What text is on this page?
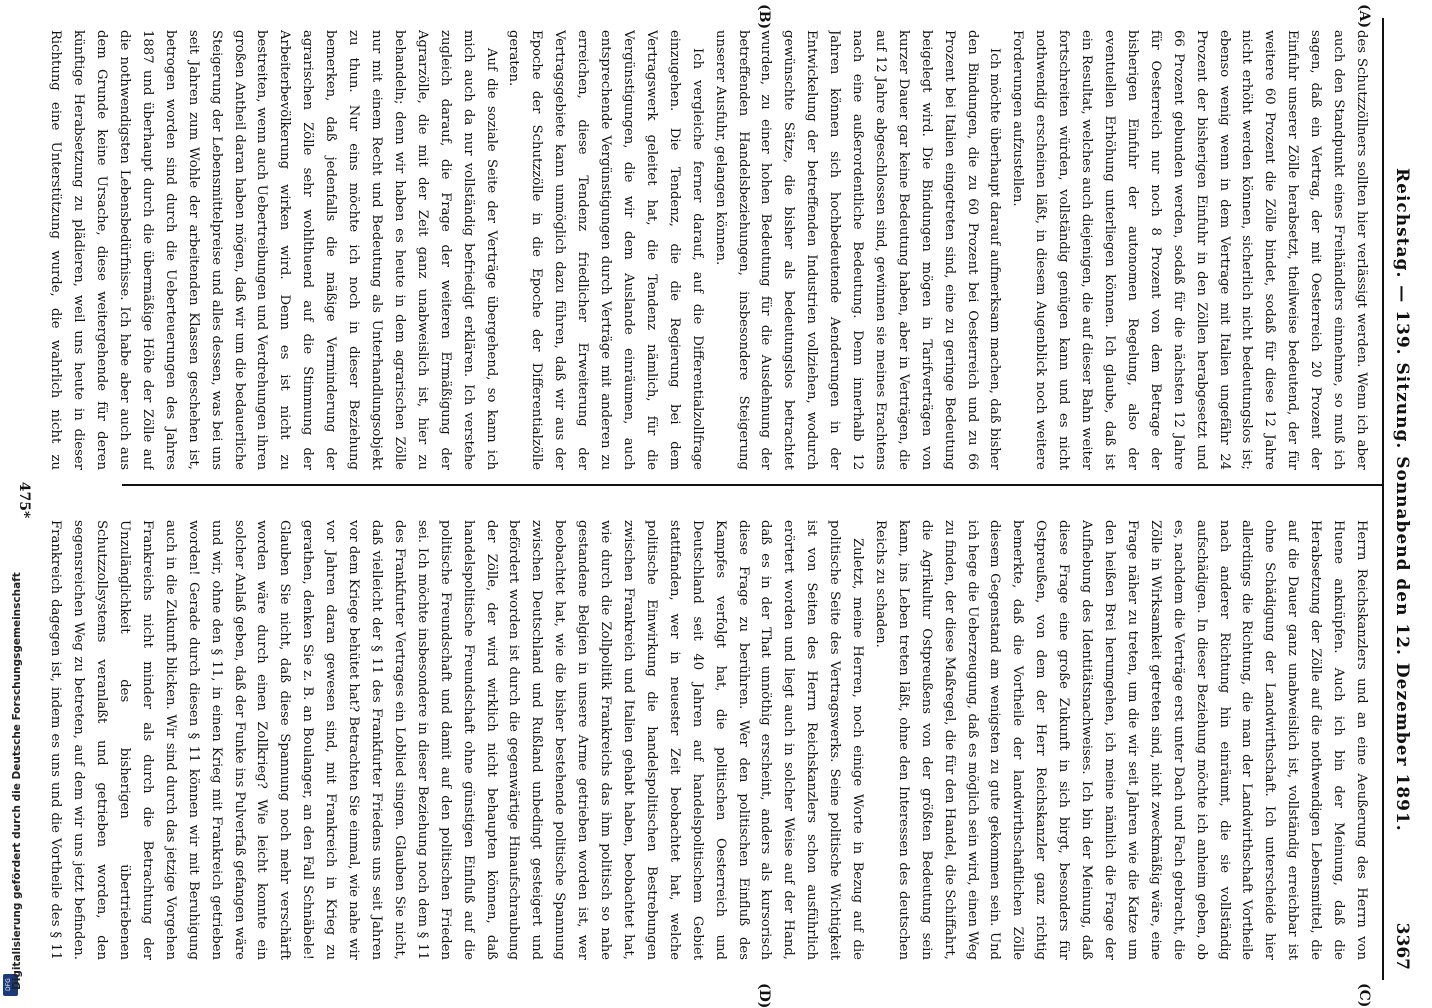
DFG Digitalisierung gefördert durch die Deutsche Forschungsgemeinschaft	Reichstag. — 139. Sitzung. Sonnabend den 12. Dezember 1891.
3367
(A)
(B)
(C)
(D)

des Schutzzöllners sollten hier verlässigt werden. Wenn ich aber auch den Standpunkt eines Freihändlers einnehme, so muß ich sagen, daß ein Vertrag, der mit Oesterreich 20 Prozent der Einfuhr unserer Zölle herabsetzt, theilweise bedeutend, der für weitere 60 Prozent die Zölle bindet, sodaß für diese 12 Jahre nicht erhöht werden können, sicherlich nicht bedeutungslos ist; ebenso wenig wenn in dem Vertrage mit Italien ungefähr 24 Prozent der bisherigen Einfuhr in den Zöllen herabgesetzt und 66 Prozent gebunden werden, sodaß für die nächsten 12 Jahre für Oesterreich nur noch 8 Prozent von dem Betrage der bisherigen Einfuhr der autonomen Regelung, also der eventuellen Erhöhung unterliegen können. Ich glaube, daß ist ein Resultat, welches auch diejenigen, die auf dieser Bahn weiter fortschreiten würden, vollständig genügen kann und es nicht nothwendig erscheinen läßt, in diesem Augenblick noch weitere Forderungen aufzustellen.

Ich möchte überhaupt darauf aufmerksam machen, daß bisher den Bindungen, die zu 60 Prozent bei Oesterreich und zu 66 Prozent bei Italien eingetreten sind, eine zu geringe Bedeutung beigelegt wird. Die Bindungen mögen in Tarifverträgen von kurzer Dauer gar keine Bedeutung haben, aber in Verträgen, die auf 12 Jahre abgeschlossen sind, gewinnen sie meines Erachtens nach eine außerordentliche Bedeutung. Denn innerhalb 12 Jahren können sich hochbedeutende Aenderungen in der Entwickelung der betreffenden Industrien vollziehen, wodurch gewünschte Sätze, die bisher als bedeutungslos betrachtet wurden, zu einer hohen Bedeutung für die Ausdehnung der betreffenden Handelsbeziehungen, insbesondere Steigerung unserer Ausfuhr, gelangen können.

Ich vergleiche ferner darauf, auf die Differentialzollfrage einzugehen. Die Tendenz, die die Regierung bei dem Vertragswerk geleitet hat, die Tendenz nämlich, für die Vergünstigungen, die wir dem Auslande einräumen, auch entsprechende Vergünstigungen durch Verträge mit anderen zu erreichen, diese Tendenz friedlicher Erweiterung der Vertragsgebiete kann unmöglich dazu führen, daß wir aus der Epoche der Schutzzölle in die Epoche der Differentialzölle geraten.

Auf die soziale Seite der Verträge übergehend, so kann ich mich auch da nur vollständig befriedigt erklären. Ich verstehe zugleich darauf, die Frage der weiteren Ermäßigung der Agrarzölle, die mit der Zeit ganz unabweislich ist, hier zu behandeln; denn wir haben es heute in dem agrarischen Zölle nur mit einem Recht und Bedeutung als Unterhandlungsobjekt zu thun. Nur eins möchte ich noch in dieser Beziehung bemerken, daß jedenfalls die mäßige Verminderung der agrarischen Zölle sehr wohlthuend auf die Stimmung der Arbeiterbevölkerung wirken wird. Denn es ist nicht zu bestreiten, wenn auch Uebertreibungen und Verdrehungen ihren großen Antheil daran haben mögen, daß wir um die bedauerliche Steigerung der Lebensmittelpreise und alles dessen, was bei uns seit Jahren zum Wohle der arbeitenden Klassen geschehen ist, betrogen worden sind durch die Ueberteuerungen des Jahres 1887 und überhaupt durch die übermäßige Höhe der Zölle auf die nothwendigsten Lebensbedürfnisse. Ich habe aber auch aus dem Grunde keine Ursache, diese weitergehende für deren künftige Herabsetzung zu plädieren, weil uns heute in dieser Richtung eine Unterstützung wurde, die wahrlich nicht zu

Herrn Reichskanzlers und an eine Aeußerung des Herrn von Huene anknüpfen. Auch ich bin der Meinung, daß die Herabsetzung der Zölle auf die nothwendigen Lebensmittel, die auf die Dauer ganz unabweislich ist, vollständig erreichbar ist ohne Schädigung der Landwirthschaft. Ich unterscheide hier allerdings die Richtung, die man der Landwirthschaft Vortheile nach anderer Richtung hin einräumt, die sie vollständig aufschädigen. In dieser Beziehung möchte ich anheim geben, ob es, nachdem die Verträge erst unter Dach und Fach gebracht, die Zölle in Wirksamkeit getreten sind, nicht zweckmäßig wäre, eine Frage näher zu treten, um die wir seit Jahren wie die Katze um den heißen Brei herumgehen, ich meine nämlich die Frage der Aufhebung des Identitätsnachweises. Ich bin der Meinung, daß diese Frage eine große Zukunft in sich birgt, besonders für Ostpreußen, von dem der Herr Reichskanzler ganz richtig bemerkte, daß die Vortheile der landwirthschaftlichen Zölle diesem Gegenstand am wenigsten zu gute gekommen sein. Und ich hege die Ueberzeugung, daß es möglich sein wird, einen Weg zu finden, der diese Maßregel, die für den Handel, die Schiffahrt, die Agrikultur Ostpreußens von der größten Bedeutung sein kann, ins Leben treten läßt, ohne den Interessen des deutschen Reichs zu schaden.

Zuletzt, meine Herren, noch einige Worte in Bezug auf die politische Seite des Vertragswerks. Seine politische Wichtigkeit ist von Seiten des Herrn Reichskanzlers schon ausführlich erörtert worden und liegt auch in solcher Weise auf der Hand, daß es in der That unnöthig erscheint, anders als kursorisch diese Frage zu berühren. Wer den politischen Einfluß des Kampfes verfolgt hat, die politischen Oesterreich und Deutschland seit 40 Jahren auf handelspolitischem Gebiet stattfanden, wer in neuester Zeit beobachtet hat, welche politische Einwirkung die handelspolitischen Bestrebungen zwischen Frankreich und Italien gehabt haben, beobachtet hat, wie durch die Zollpolitik Frankreichs das ihm politisch so nahe gestandene Belgien in unsere Arme getrieben worden ist, wer beobachtet hat, wie die bisher bestehende politische Spannung zwischen Deutschland und Rußland unbedingt gesteigert und befördert worden ist durch die gegenwärtige Hinaufschraubung der Zölle, der wird wirklich nicht behaupten können, daß handelspolitische Freundschaft ohne günstigen Einfluß auf die politische Freundschaft und damit auf den politischen Frieden sei. Ich möchte insbesondere in dieser Beziehung noch dem § 11 des Frankfurter Vertrages ein Loblied singen. Glauben Sie nicht, daß vielleicht der § 11 des Frankfurter Friedens uns seit Jahren vor dem Kriege behütet hat? Betrachten Sie einmal, wie nahe wir vor Jahren daran gewesen sind, mit Frankreich in Krieg zu gerathen, denken Sie z. B. an Boulanger, an den Fall Schnäbele! Glauben Sie nicht, daß diese Spannung noch mehr verschärft worden wäre durch einen Zollkrieg? Wie leicht konnte ein solcher Anlaß geben, daß der Funke ins Pulverfaß gefangen wäre und wir, ohne den § 11, in einen Krieg mit Frankreich getrieben worden! Gerade durch diesen § 11 können wir mit Beruhigung auch in die Zukunft blicken. Wir sind durch das jetzige Vorgehen Frankreichs nicht minder als durch die Betrachtung der Unzulänglichkeit des bisherigen übertriebenen Schutzzollsystems veranlaßt und getrieben worden, den segensreichen Weg zu betreten, auf dem wir uns jetzt befinden. Frankreich dagegen ist, indem es uns und die Vortheile des § 11

475*
